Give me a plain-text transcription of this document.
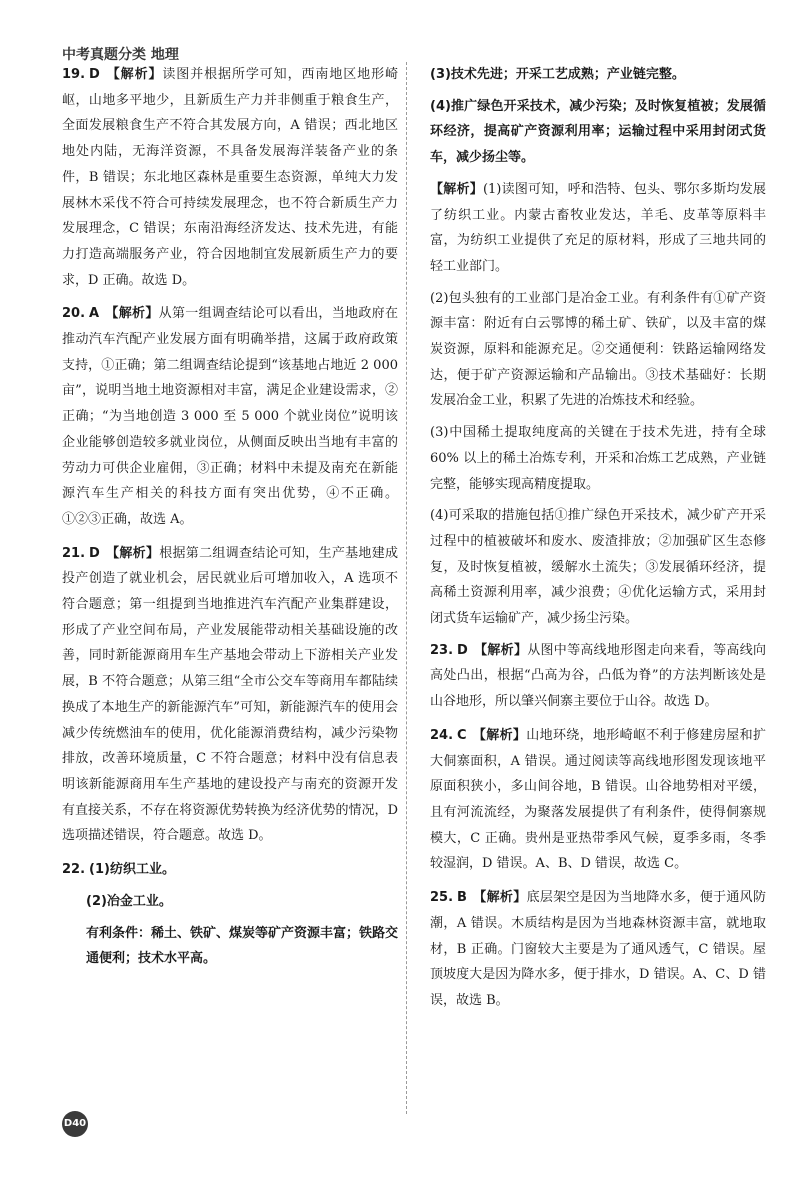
中考真题分类 地理
19. D 【解析】读图并根据所学可知，西南地区地形崎岖，山地多平地少，且新质生产力并非侧重于粮食生产，全面发展粮食生产不符合其发展方向，A 错误；西北地区地处内陆，无海洋资源，不具备发展海洋装备产业的条件，B 错误；东北地区森林是重要生态资源，单纯大力发展林木采伐不符合可持续发展理念，也不符合新质生产力发展理念，C 错误；东南沿海经济发达、技术先进，有能力打造高端服务产业，符合因地制宜发展新质生产力的要求，D 正确。故选 D。
20. A 【解析】从第一组调查结论可以看出，当地政府在推动汽车汽配产业发展方面有明确举措，这属于政府政策支持，①正确；第二组调查结论提到“该基地占地近 2 000 亩”，说明当地土地资源相对丰富，满足企业建设需求，②正确；“为当地创造 3 000 至 5 000 个就业岗位”说明该企业能够创造较多就业岗位，从侧面反映出当地有丰富的劳动力可供企业雇佣，③正确；材料中未提及南充在新能源汽车生产相关的科技方面有突出优势，④不正确。①②③正确，故选 A。
21. D 【解析】根据第二组调查结论可知，生产基地建成投产创造了就业机会，居民就业后可增加收入，A 选项不符合题意；第一组提到当地推进汽车汽配产业集群建设，形成了产业空间布局，产业发展能带动相关基础设施的改善，同时新能源商用车生产基地会带动上下游相关产业发展，B 不符合题意；从第三组“全市公交车等商用车都陆续换成了本地生产的新能源汽车”可知，新能源汽车的使用会减少传统燃油车的使用，优化能源消费结构，减少污染物排放，改善环境质量，C 不符合题意；材料中没有信息表明该新能源商用车生产基地的建设投产与南充的资源开发有直接关系，不存在将资源优势转换为经济优势的情况，D 选项描述错误，符合题意。故选 D。
22. (1)纺织工业。
(2)冶金工业。
有利条件：稀土、铁矿、煤炭等矿产资源丰富；铁路交通便利；技术水平高。
(3)技术先进；开采工艺成熟；产业链完整。
(4)推广绿色开采技术，减少污染；及时恢复植被；发展循环经济，提高矿产资源利用率；运输过程中采用封闭式货车，减少扬尘等。
【解析】(1)读图可知，呼和浩特、包头、鄂尔多斯均发展了纺织工业。内蒙古畜牧业发达，羊毛、皮革等原料丰富，为纺织工业提供了充足的原材料，形成了三地共同的轻工业部门。
(2)包头独有的工业部门是冶金工业。有利条件有①矿产资源丰富：附近有白云鄂博的稀土矿、铁矿，以及丰富的煤炭资源，原料和能源充足。②交通便利：铁路运输网络发达，便于矿产资源运输和产品输出。③技术基础好：长期发展冶金工业，积累了先进的冶炼技术和经验。
(3)中国稀土提取纯度高的关键在于技术先进，持有全球 60% 以上的稀土冶炼专利，开采和冶炼工艺成熟，产业链完整，能够实现高精度提取。
(4)可采取的措施包括①推广绿色开采技术，减少矿产开采过程中的植被破坏和废水、废渣排放；②加强矿区生态修复，及时恢复植被，缓解水土流失；③发展循环经济，提高稀土资源利用率，减少浪费；④优化运输方式，采用封闭式货车运输矿产，减少扬尘污染。
23. D 【解析】从图中等高线地形图走向来看，等高线向高处凸出，根据“凸高为谷，凸低为脊”的方法判断该处是山谷地形，所以肇兴侗寨主要位于山谷。故选 D。
24. C 【解析】山地环绕，地形崎岖不利于修建房屋和扩大侗寨面积，A 错误。通过阅读等高线地形图发现该地平原面积狭小，多山间谷地，B 错误。山谷地势相对平缓，且有河流流经，为聚落发展提供了有利条件，使得侗寨规模大，C 正确。贵州是亚热带季风气候，夏季多雨，冬季较湿润，D 错误。A、B、D 错误，故选 C。
25. B 【解析】底层架空是因为当地降水多，便于通风防潮，A 错误。木质结构是因为当地森林资源丰富，就地取材，B 正确。门窗较大主要是为了通风透气，C 错误。屋顶坡度大是因为降水多，便于排水，D 错误。A、C、D 错误，故选 B。
D40
